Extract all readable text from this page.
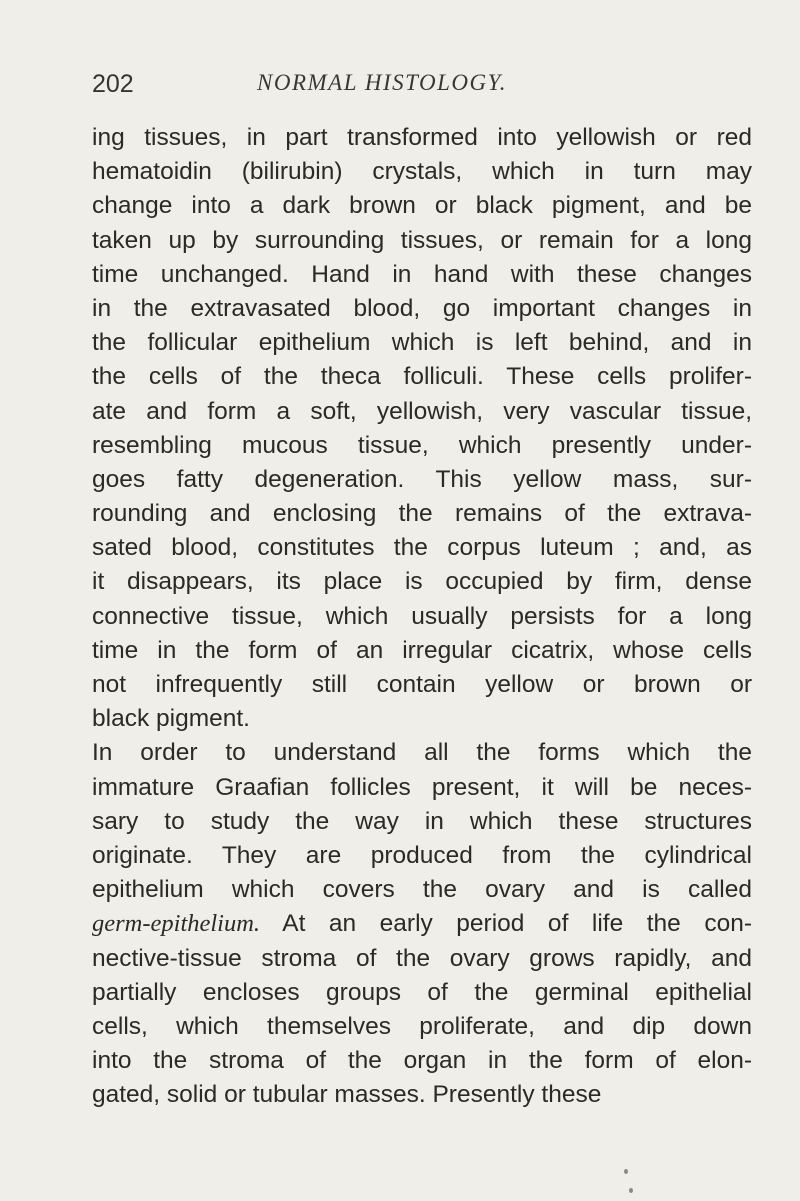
202	NORMAL HISTOLOGY.
ing tissues, in part transformed into yellowish or red
hematoidin (bilirubin) crystals, which in turn may
change into a dark brown or black pigment, and be
taken up by surrounding tissues, or remain for a long
time unchanged. Hand in hand with these changes
in the extravasated blood, go important changes in
the follicular epithelium which is left behind, and in
the cells of the theca folliculi. These cells prolifer-
ate and form a soft, yellowish, very vascular tissue,
resembling mucous tissue, which presently under-
goes fatty degeneration. This yellow mass, sur-
rounding and enclosing the remains of the extrava-
sated blood, constitutes the corpus luteum ; and, as
it disappears, its place is occupied by firm, dense
connective tissue, which usually persists for a long
time in the form of an irregular cicatrix, whose cells
not infrequently still contain yellow or brown or
black pigment.
In order to understand all the forms which the
immature Graafian follicles present, it will be neces-
sary to study the way in which these structures
originate. They are produced from the cylindrical
epithelium which covers the ovary and is called
germ-epithelium. At an early period of life the con-
nective-tissue stroma of the ovary grows rapidly, and
partially encloses groups of the germinal epithelial
cells, which themselves proliferate, and dip down
into the stroma of the organ in the form of elon-
gated, solid or tubular masses. Presently these
